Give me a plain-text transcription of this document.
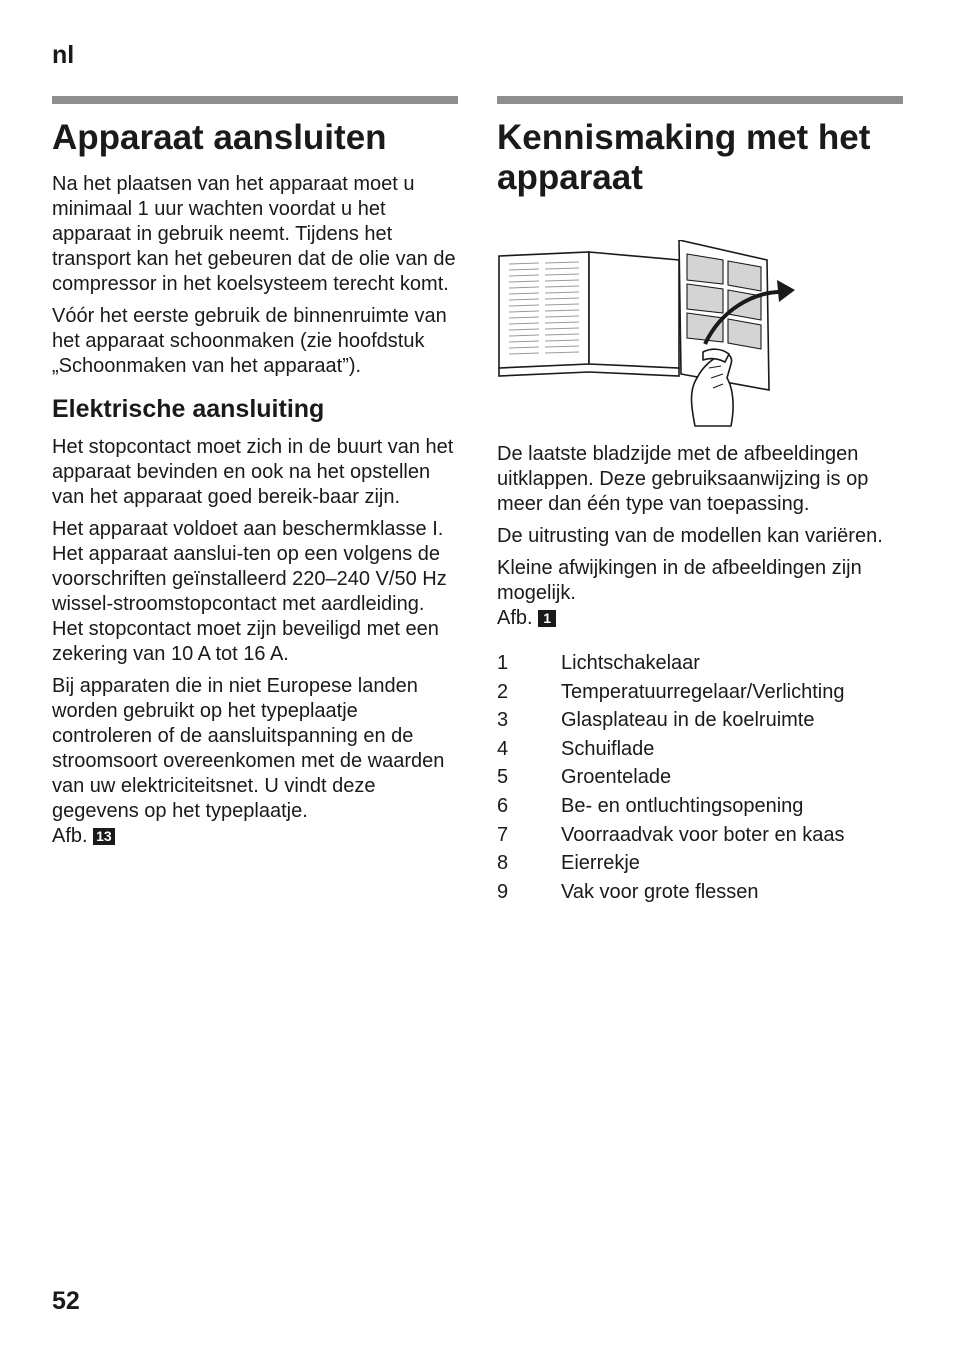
nl
Apparaat aansluiten

Na het plaatsen van het apparaat moet u minimaal 1 uur wachten voordat u het apparaat in gebruik neemt. Tijdens het transport kan het gebeuren dat de olie van de compressor in het koelsysteem terecht komt.

Vóór het eerste gebruik de binnenruimte van het apparaat schoonmaken (zie hoofdstuk „Schoonmaken van het apparaat”).

Elektrische aansluiting

Het stopcontact moet zich in de buurt van het apparaat bevinden en ook na het opstellen van het apparaat goed bereik-baar zijn.

Het apparaat voldoet aan beschermklasse I. Het apparaat aanslui-ten op een volgens de voorschriften geïnstalleerd 220–240 V/50 Hz wissel-stroomstopcontact met aardleiding. Het stopcontact moet zijn beveiligd met een zekering van 10 A tot 16 A.

Bij apparaten die in niet Europese landen worden gebruikt op het typeplaatje controleren of de aansluitspanning en de stroomsoort overeenkomen met de waarden van uw elektriciteitsnet. U vindt deze gegevens op het typeplaatje.

Afb. 13

Kennismaking met het apparaat

De laatste bladzijde met de afbeeldingen uitklappen. Deze gebruiksaanwijzing is op meer dan één type van toepassing.

De uitrusting van de modellen kan variëren.

Kleine afwijkingen in de afbeeldingen zijn mogelijk.

Afb. 1

1	Lichtschakelaar
2	Temperatuurregelaar/Verlichting
3	Glasplateau in de koelruimte
4	Schuiflade
5	Groentelade
6	Be- en ontluchtingsopening
7	Voorraadvak voor boter en kaas
8	Eierrekje
9	Vak voor grote flessen
52
